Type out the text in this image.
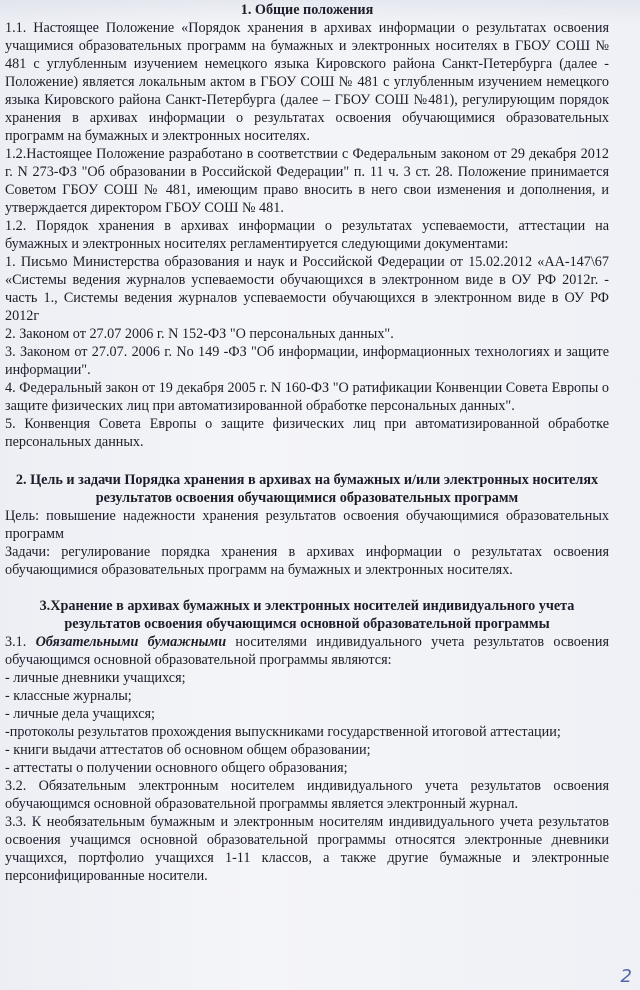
1. Общие положения

1.1. Настоящее Положение «Порядок хранения в архивах информации о результатах освоения учащимися образовательных программ на бумажных и электронных носителях в ГБОУ СОШ № 481 с углубленным изучением немецкого языка Кировского района Санкт-Петербурга (далее - Положение) является локальным актом в ГБОУ СОШ № 481 с углубленным изучением немецкого языка Кировского района Санкт-Петербурга (далее – ГБОУ СОШ №481), регулирующим порядок хранения в архивах информации о результатах освоения обучающимися образовательных программ на бумажных и электронных носителях.

1.2.Настоящее Положение разработано в соответствии с Федеральным законом от 29 декабря 2012 г. N 273-ФЗ "Об образовании в Российской Федерации" п. 11 ч. 3 ст. 28. Положение принимается Советом ГБОУ СОШ № 481, имеющим право вносить в него свои изменения и дополнения, и утверждается директором ГБОУ СОШ № 481.

1.2. Порядок хранения в архивах информации о результатах успеваемости, аттестации на бумажных и электронных носителях регламентируется следующими документами:

1. Письмо Министерства образования и наук и Российской Федерации от 15.02.2012 «АА-147\67 «Системы ведения журналов успеваемости обучающихся в электронном виде в ОУ РФ 2012г. - часть 1., Системы ведения журналов успеваемости обучающихся в электронном виде в ОУ РФ 2012г

2. Законом от 27.07 2006 г. N 152-ФЗ "О персональных данных".

3. Законом от 27.07. 2006 г. No 149 -ФЗ "Об информации, информационных технологиях и защите информации".

4. Федеральный закон от 19 декабря 2005 г. N 160-ФЗ "О ратификации Конвенции Совета Европы о защите физических лиц при автоматизированной обработке персональных данных".

5. Конвенция Совета Европы о защите физических лиц при автоматизированной обработке персональных данных.

2. Цель и задачи Порядка хранения в архивах на бумажных и/или электронных носителях результатов освоения обучающимися образовательных программ

Цель: повышение надежности хранения результатов освоения обучающимися образовательных программ

Задачи: регулирование порядка хранения в архивах информации о результатах освоения обучающимися образовательных программ на бумажных и электронных носителях.

3.Хранение в архивах бумажных и электронных носителей индивидуального учета результатов освоения обучающимся основной образовательной программы

3.1. Обязательными бумажными носителями индивидуального учета результатов освоения обучающимся основной образовательной программы являются:

- личные дневники учащихся;

- классные журналы;

- личные дела учащихся;

-протоколы результатов прохождения выпускниками государственной итоговой аттестации;

- книги выдачи аттестатов об основном общем образовании;

- аттестаты о получении основного общего образования;

3.2. Обязательным электронным носителем индивидуального учета результатов освоения обучающимся основной образовательной программы является электронный журнал.

3.3. К необязательным бумажным и электронным носителям индивидуального учета результатов освоения учащимся основной образовательной программы относятся электронные дневники учащихся, портфолио учащихся 1-11 классов, а также другие бумажные и электронные персонифицированные носители.

2
